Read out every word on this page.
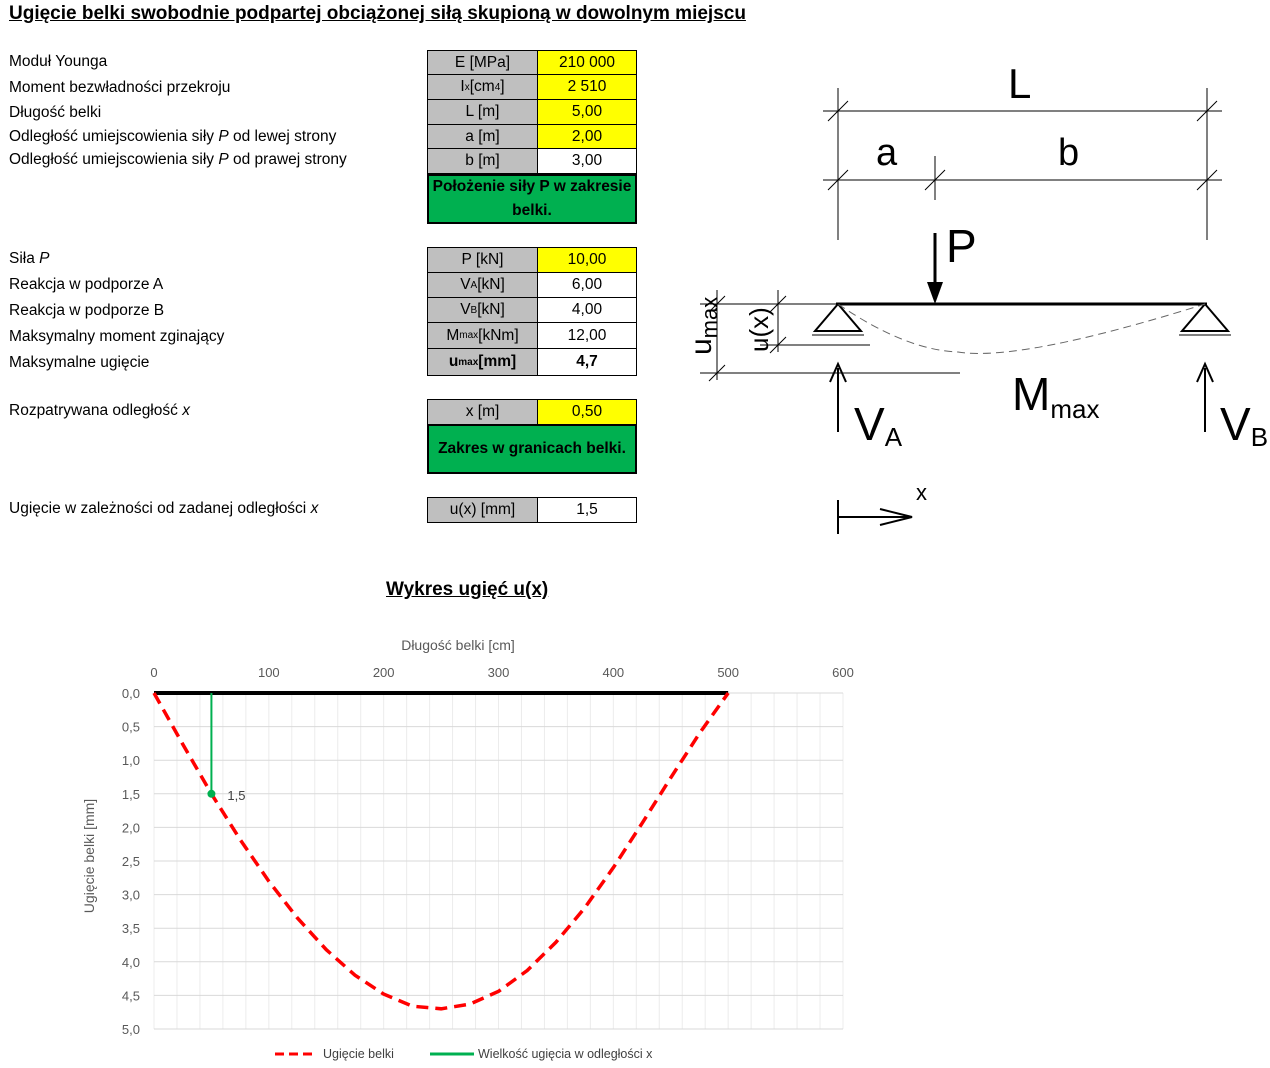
Ugięcie belki swobodnie podpartej obciążonej siłą skupioną w dowolnym miejscu
Moduł Younga
Moment bezwładności przekroju
Długość belki
Odległość umiejscowienia siły P od lewej strony
Odległość umiejscowienia siły P od prawej strony
E [MPa]	210 000
I x [cm 4 ]	2 510
L [m]	5,00
a [m]	2,00
b [m]	3,00
Położenie siły P w zakresie belki.
Siła P
Reakcja w podporze A
Reakcja w podporze B
Maksymalny moment zginający
Maksymalne ugięcie
P [kN]	10,00
V A [kN]	6,00
V B [kN]	4,00
M max [kNm]	12,00
u max [mm]	4,7
Rozpatrywana odległość x	x [m]	0,50
Zakres w granicach belki.
Ugięcie w zależności od zadanej odległości x	u(x) [mm]	1,5
L
a	b
P
$u_{max}$ u(x)
VA	VB
Mmax
x
Wykres ugięć u(x)
Długość belki [cm]
Ugięcie belki [mm]
0	100	200	300	400	500	600
0,0
0,5
1,0
1,5
2,0
2,5
3,0
3,5
4,0
4,5
5,0
1,5
Ugięcie belki	Wielkość ugięcia w odległości x
